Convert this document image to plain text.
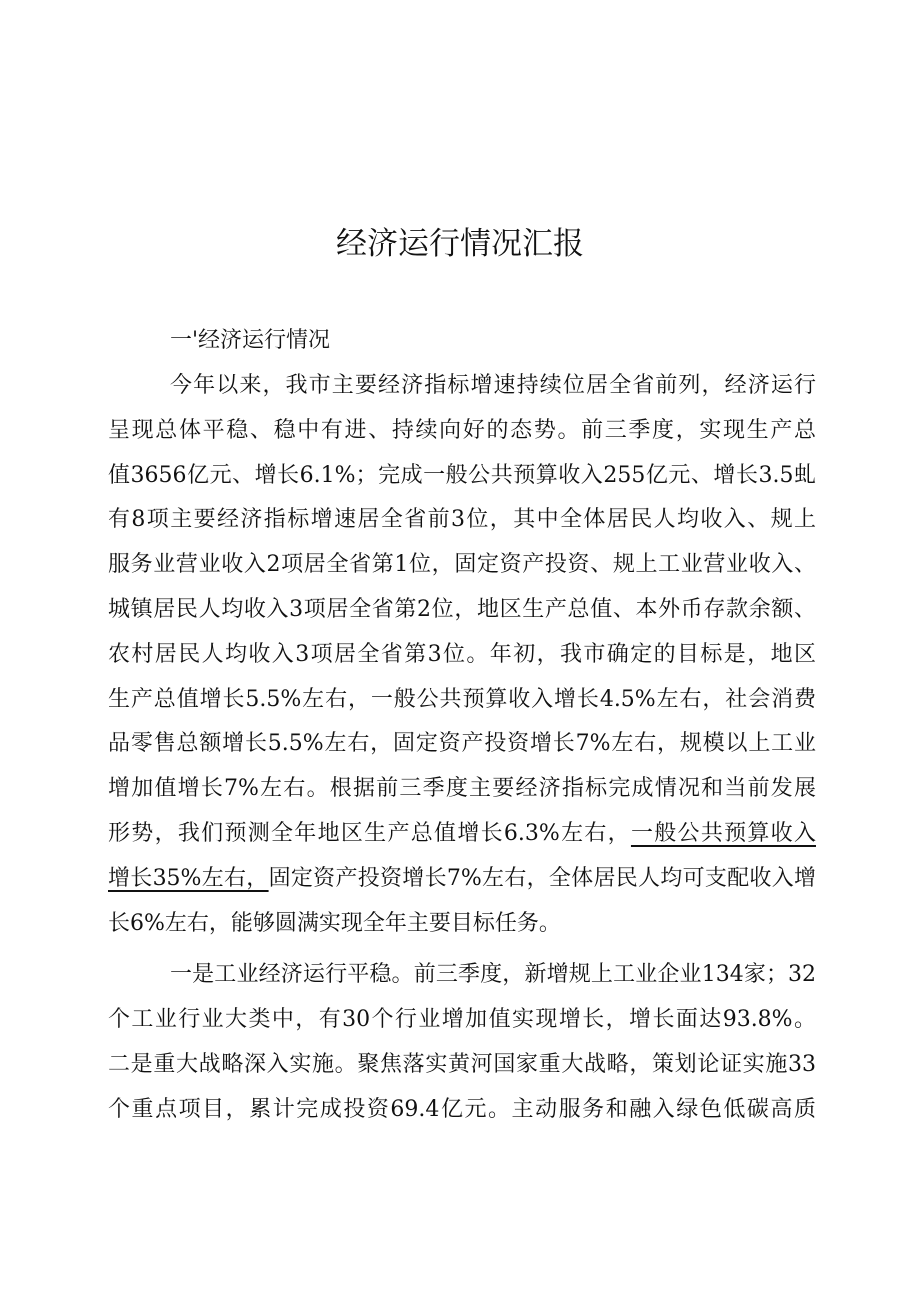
经济运行情况汇报
一'经济运行情况
今年以来，我市主要经济指标增速持续位居全省前列，经济运行
呈现总体平稳、稳中有进、持续向好的态势。前三季度，实现生产总
值3656亿元、增长6.1%；完成一般公共预算收入255亿元、增长3.5虬
有8项主要经济指标增速居全省前3位，其中全体居民人均收入、规上
服务业营业收入2项居全省第1位，固定资产投资、规上工业营业收入、
城镇居民人均收入3项居全省第2位，地区生产总值、本外币存款余额、
农村居民人均收入3项居全省第3位。年初，我市确定的目标是，地区
生产总值增长5.5%左右，一般公共预算收入增长4.5%左右，社会消费
品零售总额增长5.5%左右，固定资产投资增长7%左右，规模以上工业
增加值增长7%左右。根据前三季度主要经济指标完成情况和当前发展
形势，我们预测全年地区生产总值增长6.3%左右，一般公共预算收入
增长35%左右，固定资产投资增长7%左右，全体居民人均可支配收入增
长6%左右，能够圆满实现全年主要目标任务。
一是工业经济运行平稳。前三季度，新增规上工业企业134家；32
个工业行业大类中，有30个行业增加值实现增长，增长面达93.8%。
二是重大战略深入实施。聚焦落实黄河国家重大战略，策划论证实施33
个重点项目，累计完成投资69.4亿元。主动服务和融入绿色低碳高质
